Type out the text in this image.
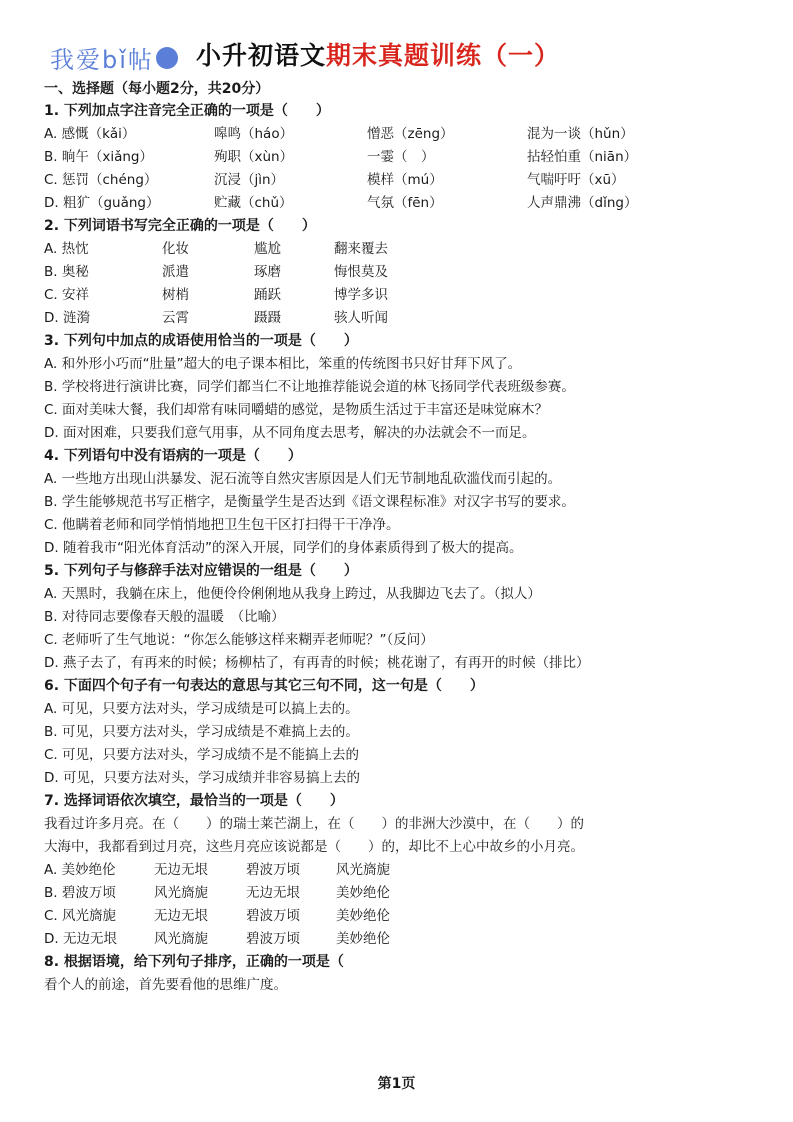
我爱bǐ帖 小升初语文期末真题训练（一）
一、选择题（每小题2分，共20分）
1. 下列加点字注音完全正确的一项是（　　）
A. 感慨（kǎi）	嗥鸣（háo）	憎恶（zēng）	混为一谈（hǔn）
B. 晌午（xiǎng）	殉职（xùn）	一霎（　）	拈轻怕重（niān）
C. 惩罚（chéng）	沉浸（jìn）	模样（mú）	气喘吁吁（xū）
D. 粗犷（guǎng）	贮藏（chǔ）	气氛（fēn）	人声鼎沸（dǐng）
2. 下列词语书写完全正确的一项是（　　）
A. 热忱	化妆	尴尬	翻来覆去
B. 奥秘	派遣	琢磨	悔恨莫及
C. 安祥	树梢	踊跃	博学多识
D. 涟漪	云霄	蹑蹑	骇人听闻
3. 下列句中加点的成语使用恰当的一项是（　　）
A. 和外形小巧而“肚量”超大的电子课本相比，笨重的传统图书只好甘拜下风了。
B. 学校将进行演讲比赛，同学们都当仁不让地推荐能说会道的林飞扬同学代表班级参赛。
C. 面对美味大餐，我们却常有味同嚼蜡的感觉，是物质生活过于丰富还是味觉麻木？
D. 面对困难，只要我们意气用事，从不同角度去思考，解决的办法就会不一而足。
4. 下列语句中没有语病的一项是（　　）
A. 一些地方出现山洪暴发、泥石流等自然灾害原因是人们无节制地乱砍滥伐而引起的。
B. 学生能够规范书写正楷字，是衡量学生是否达到《语文课程标准》对汉字书写的要求。
C. 他瞒着老师和同学悄悄地把卫生包干区打扫得干干净净。
D. 随着我市“阳光体育活动”的深入开展，同学们的身体素质得到了极大的提高。
5. 下列句子与修辞手法对应错误的一组是（　　）
A. 天黑时，我躺在床上，他便伶伶俐俐地从我身上跨过，从我脚边飞去了。（拟人）
B. 对待同志要像春天般的温暖　（比喻）
C. 老师听了生气地说：“你怎么能够这样来糊弄老师呢？”（反问）
D. 燕子去了，有再来的时候；杨柳枯了，有再青的时候；桃花谢了，有再开的时候（排比）
6. 下面四个句子有一句表达的意思与其它三句不同，这一句是（　　）
A. 可见，只要方法对头，学习成绩是可以搞上去的。
B. 可见，只要方法对头，学习成绩是不难搞上去的。
C. 可见，只要方法对头，学习成绩不是不能搞上去的
D. 可见，只要方法对头，学习成绩并非容易搞上去的
7. 选择词语依次填空，最恰当的一项是（　　）
我看过许多月亮。在（　　）的瑞士莱芒湖上，在（　　）的非洲大沙漠中，在（　　）的
大海中，我都看到过月亮，这些月亮应该说都是（　　）的，却比不上心中故乡的小月亮。
A. 美妙绝伦	无边无垠	碧波万顷	风光旖旎
B. 碧波万顷	风光旖旎	无边无垠	美妙绝伦
C. 风光旖旎	无边无垠	碧波万顷	美妙绝伦
D. 无边无垠	风光旖旎	碧波万顷	美妙绝伦
8. 根据语境，给下列句子排序，正确的一项是（
看个人的前途，首先要看他的思维广度。
第1页
